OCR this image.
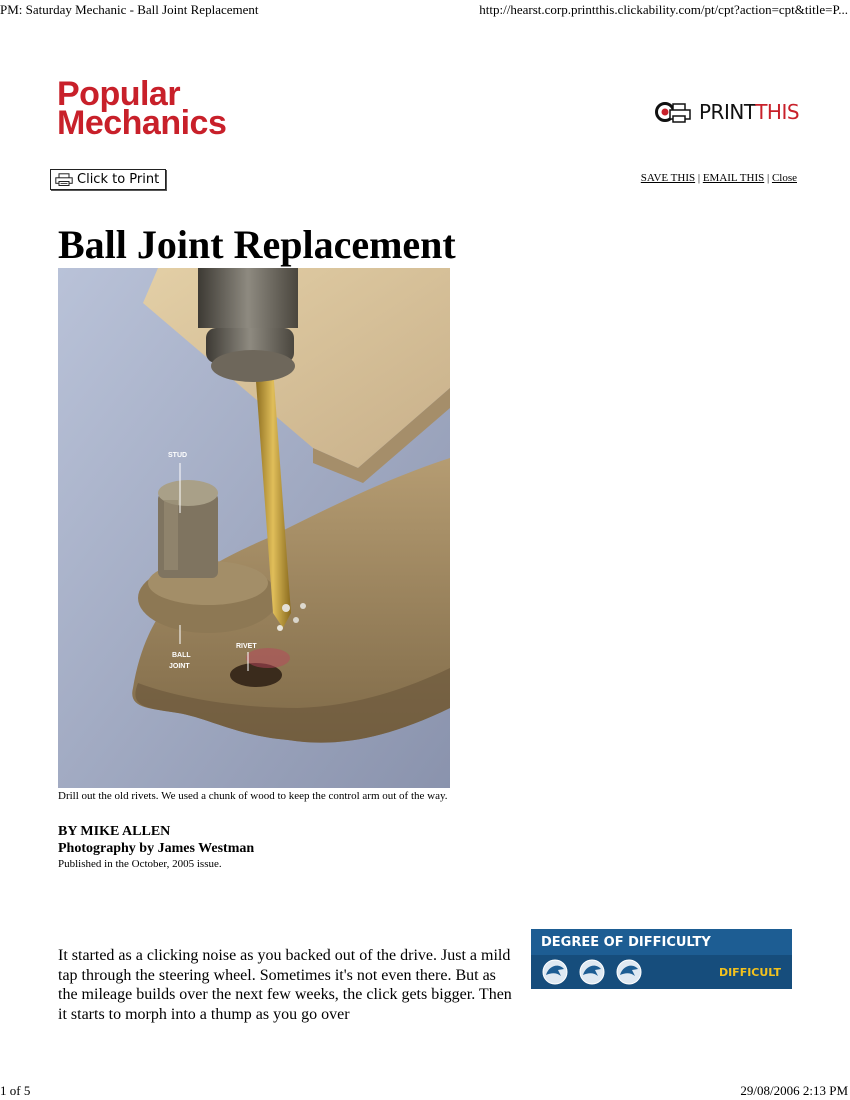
PM: Saturday Mechanic - Ball Joint Replacement	http://hearst.corp.printthis.clickability.com/pt/cpt?action=cpt&title=P...
Popular
Mechanics	PRINTTHIS
Click to Print	SAVE THIS | EMAIL THIS | Close
Ball Joint Replacement
STUD
BALL
JOINT
RIVET
Drill out the old rivets. We used a chunk of wood to keep the control arm out of the way.
BY MIKE ALLEN
Photography by James Westman
Published in the October, 2005 issue.
It started as a clicking noise as you backed out of the drive. Just a mild tap through the steering wheel. Sometimes it's not even there. But as the mileage builds over the next few weeks, the click gets bigger. Then it starts to morph into a thump as you go over
DEGREE OF DIFFICULTY
DIFFICULT
1 of 5	29/08/2006 2:13 PM
